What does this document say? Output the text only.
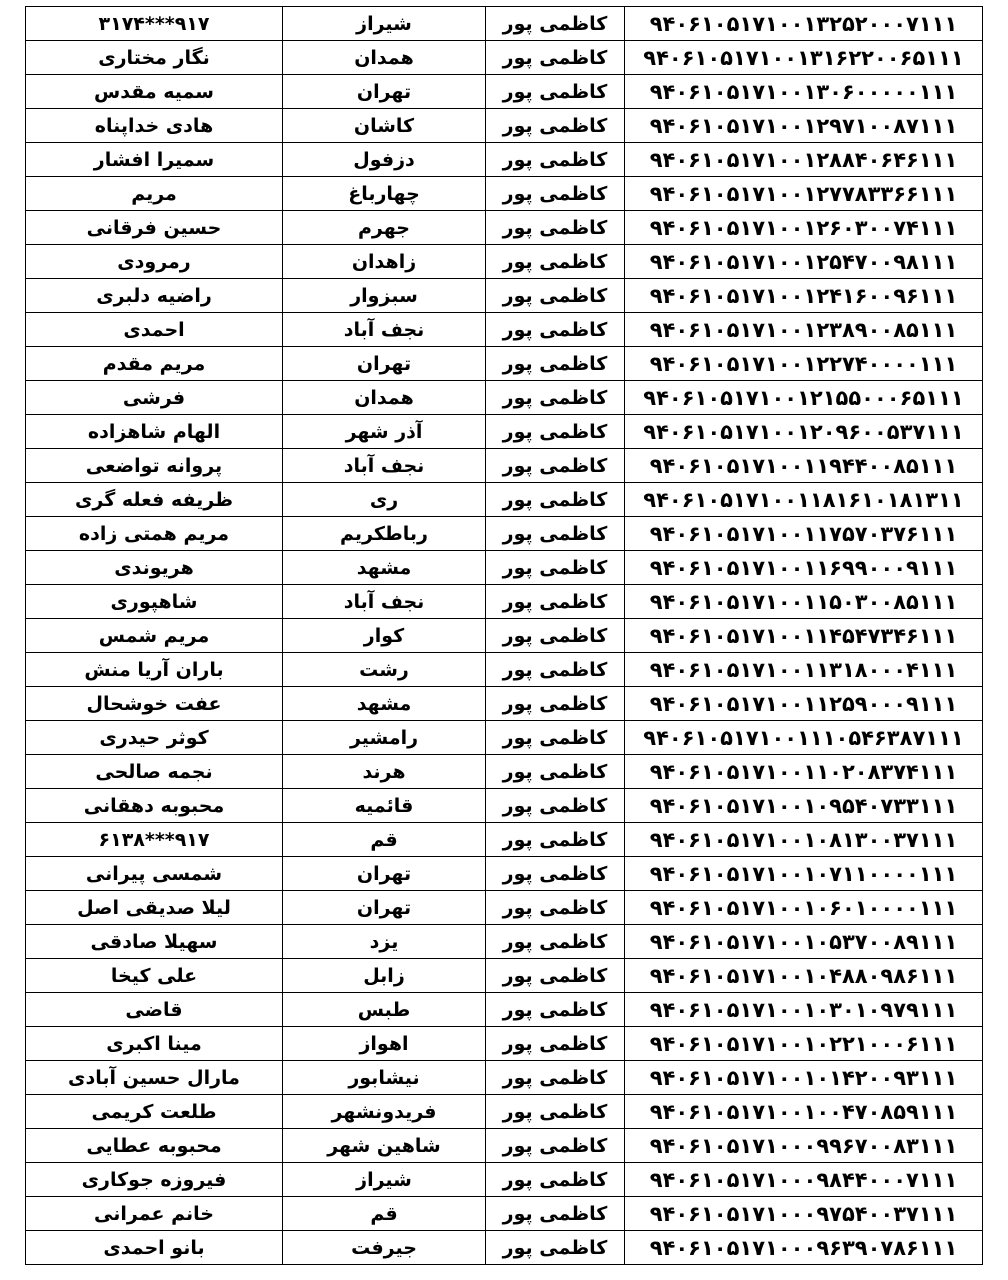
۹۴۰۶۱۰۵۱۷۱۰۰۱۳۲۵۲۰۰۰۷۱۱۱	کاظمی پور	شیراز	۹۱۷***۳۱۷۴
۹۴۰۶۱۰۵۱۷۱۰۰۱۳۱۶۲۲۰۰۶۵۱۱۱	کاظمی پور	همدان	نگار مختاری
۹۴۰۶۱۰۵۱۷۱۰۰۱۳۰۶۰۰۰۰۰۱۱۱	کاظمی پور	تهران	سمیه مقدس
۹۴۰۶۱۰۵۱۷۱۰۰۱۲۹۷۱۰۰۸۷۱۱۱	کاظمی پور	کاشان	هادی خداپناه
۹۴۰۶۱۰۵۱۷۱۰۰۱۲۸۸۴۰۶۴۶۱۱۱	کاظمی پور	دزفول	سمیرا افشار
۹۴۰۶۱۰۵۱۷۱۰۰۱۲۷۷۸۳۳۶۶۱۱۱	کاظمی پور	چهارباغ	مریم
۹۴۰۶۱۰۵۱۷۱۰۰۱۲۶۰۳۰۰۷۴۱۱۱	کاظمی پور	جهرم	حسین فرقانی
۹۴۰۶۱۰۵۱۷۱۰۰۱۲۵۴۷۰۰۹۸۱۱۱	کاظمی پور	زاهدان	رمرودی
۹۴۰۶۱۰۵۱۷۱۰۰۱۲۴۱۶۰۰۹۶۱۱۱	کاظمی پور	سبزوار	راضیه دلبری
۹۴۰۶۱۰۵۱۷۱۰۰۱۲۳۸۹۰۰۸۵۱۱۱	کاظمی پور	نجف آباد	احمدی
۹۴۰۶۱۰۵۱۷۱۰۰۱۲۲۷۴۰۰۰۰۱۱۱	کاظمی پور	تهران	مریم مقدم
۹۴۰۶۱۰۵۱۷۱۰۰۱۲۱۵۵۰۰۰۶۵۱۱۱	کاظمی پور	همدان	فرشی
۹۴۰۶۱۰۵۱۷۱۰۰۱۲۰۹۶۰۰۵۳۷۱۱۱	کاظمی پور	آذر شهر	الهام شاهزاده
۹۴۰۶۱۰۵۱۷۱۰۰۱۱۹۴۴۰۰۸۵۱۱۱	کاظمی پور	نجف آباد	پروانه تواضعی
۹۴۰۶۱۰۵۱۷۱۰۰۱۱۸۱۶۱۰۱۸۱۳۱۱	کاظمی پور	ری	ظریفه فعله گری
۹۴۰۶۱۰۵۱۷۱۰۰۱۱۷۵۷۰۳۷۶۱۱۱	کاظمی پور	رباطکریم	مریم همتی زاده
۹۴۰۶۱۰۵۱۷۱۰۰۱۱۶۹۹۰۰۰۹۱۱۱	کاظمی پور	مشهد	هریوندی
۹۴۰۶۱۰۵۱۷۱۰۰۱۱۵۰۳۰۰۸۵۱۱۱	کاظمی پور	نجف آباد	شاهپوری
۹۴۰۶۱۰۵۱۷۱۰۰۱۱۴۵۴۷۳۴۶۱۱۱	کاظمی پور	کوار	مریم شمس
۹۴۰۶۱۰۵۱۷۱۰۰۱۱۳۱۸۰۰۰۴۱۱۱	کاظمی پور	رشت	باران آریا منش
۹۴۰۶۱۰۵۱۷۱۰۰۱۱۲۵۹۰۰۰۹۱۱۱	کاظمی پور	مشهد	عفت خوشحال
۹۴۰۶۱۰۵۱۷۱۰۰۱۱۱۰۵۴۶۳۸۷۱۱۱	کاظمی پور	رامشیر	کوثر حیدری
۹۴۰۶۱۰۵۱۷۱۰۰۱۱۰۲۰۸۳۷۴۱۱۱	کاظمی پور	هرند	نجمه صالحی
۹۴۰۶۱۰۵۱۷۱۰۰۱۰۹۵۴۰۷۳۳۱۱۱	کاظمی پور	قائمیه	محبوبه دهقانی
۹۴۰۶۱۰۵۱۷۱۰۰۱۰۸۱۳۰۰۳۷۱۱۱	کاظمی پور	قم	۹۱۷***۶۱۳۸
۹۴۰۶۱۰۵۱۷۱۰۰۱۰۷۱۱۰۰۰۰۱۱۱	کاظمی پور	تهران	شمسی پیرانی
۹۴۰۶۱۰۵۱۷۱۰۰۱۰۶۰۱۰۰۰۰۱۱۱	کاظمی پور	تهران	لیلا صدیقی اصل
۹۴۰۶۱۰۵۱۷۱۰۰۱۰۵۳۷۰۰۸۹۱۱۱	کاظمی پور	یزد	سهیلا صادقی
۹۴۰۶۱۰۵۱۷۱۰۰۱۰۴۸۸۰۹۸۶۱۱۱	کاظمی پور	زابل	علی کیخا
۹۴۰۶۱۰۵۱۷۱۰۰۱۰۳۰۱۰۹۷۹۱۱۱	کاظمی پور	طبس	قاضی
۹۴۰۶۱۰۵۱۷۱۰۰۱۰۲۲۱۰۰۰۶۱۱۱	کاظمی پور	اهواز	مینا اکبری
۹۴۰۶۱۰۵۱۷۱۰۰۱۰۱۴۲۰۰۹۳۱۱۱	کاظمی پور	نیشابور	مارال حسین آبادی
۹۴۰۶۱۰۵۱۷۱۰۰۱۰۰۴۷۰۸۵۹۱۱۱	کاظمی پور	فریدونشهر	طلعت کریمی
۹۴۰۶۱۰۵۱۷۱۰۰۰۹۹۶۷۰۰۸۳۱۱۱	کاظمی پور	شاهین شهر	محبوبه عطایی
۹۴۰۶۱۰۵۱۷۱۰۰۰۹۸۴۴۰۰۰۷۱۱۱	کاظمی پور	شیراز	فیروزه جوکاری
۹۴۰۶۱۰۵۱۷۱۰۰۰۹۷۵۴۰۰۳۷۱۱۱	کاظمی پور	قم	خانم عمرانی
۹۴۰۶۱۰۵۱۷۱۰۰۰۹۶۳۹۰۷۸۶۱۱۱	کاظمی پور	جیرفت	بانو احمدی
